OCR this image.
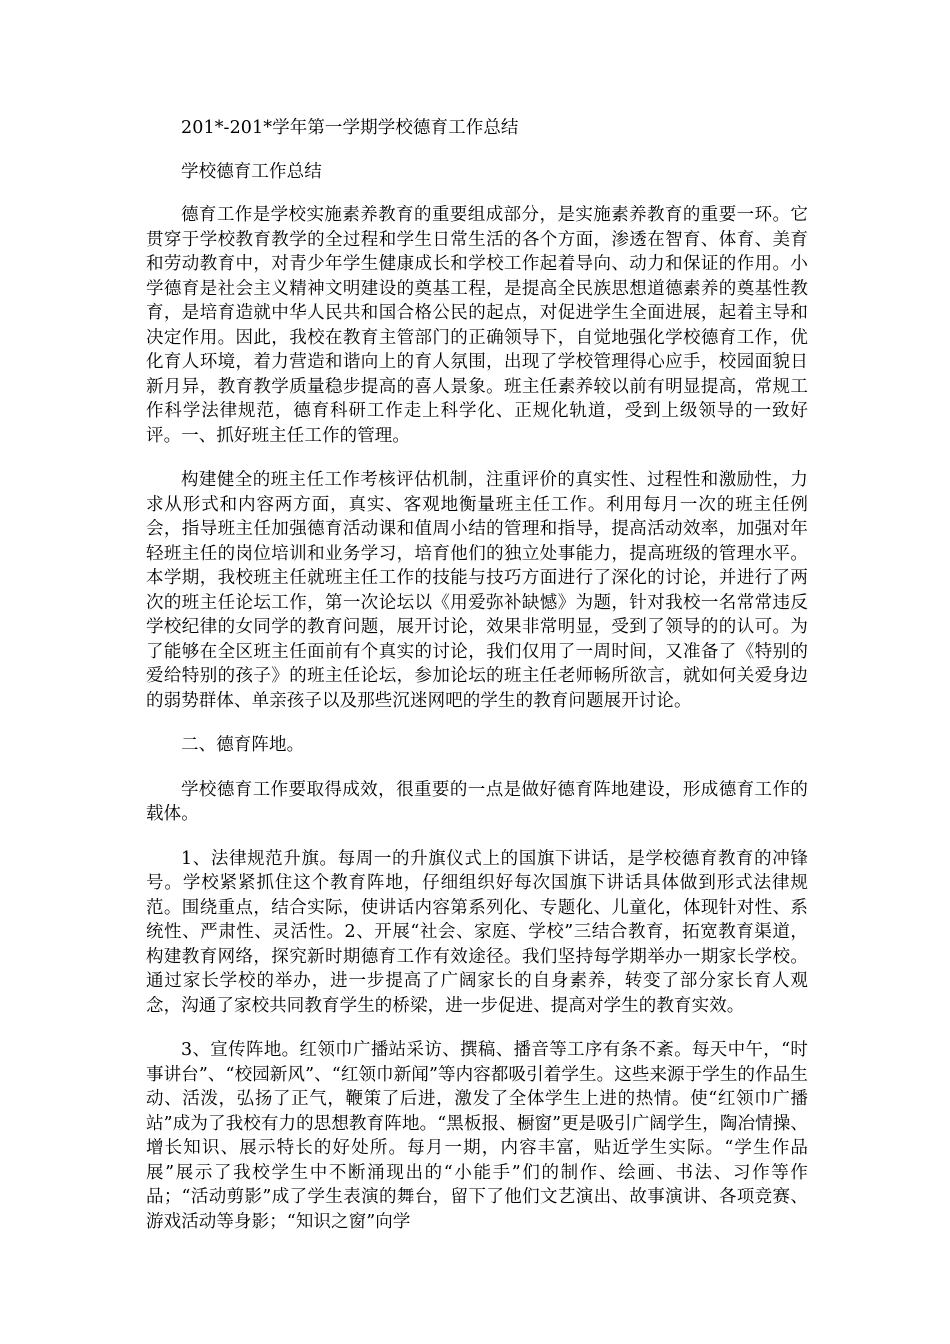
201*-201*学年第一学期学校德育工作总结

学校德育工作总结

德育工作是学校实施素养教育的重要组成部分，是实施素养教育的重要一环。它贯穿于学校教育教学的全过程和学生日常生活的各个方面，渗透在智育、体育、美育和劳动教育中，对青少年学生健康成长和学校工作起着导向、动力和保证的作用。小学德育是社会主义精神文明建设的奠基工程，是提高全民族思想道德素养的奠基性教育，是培育造就中华人民共和国合格公民的起点，对促进学生全面进展，起着主导和决定作用。因此，我校在教育主管部门的正确领导下，自觉地强化学校德育工作，优化育人环境，着力营造和谐向上的育人氛围，出现了学校管理得心应手，校园面貌日新月异，教育教学质量稳步提高的喜人景象。班主任素养较以前有明显提高，常规工作科学法律规范，德育科研工作走上科学化、正规化轨道，受到上级领导的一致好评。一、抓好班主任工作的管理。

构建健全的班主任工作考核评估机制，注重评价的真实性、过程性和激励性，力求从形式和内容两方面，真实、客观地衡量班主任工作。利用每月一次的班主任例会，指导班主任加强德育活动课和值周小结的管理和指导，提高活动效率，加强对年轻班主任的岗位培训和业务学习，培育他们的独立处事能力，提高班级的管理水平。本学期，我校班主任就班主任工作的技能与技巧方面进行了深化的讨论，并进行了两次的班主任论坛工作，第一次论坛以《用爱弥补缺憾》为题，针对我校一名常常违反学校纪律的女同学的教育问题，展开讨论，效果非常明显，受到了领导的的认可。为了能够在全区班主任面前有个真实的讨论，我们仅用了一周时间，又准备了《特别的爱给特别的孩子》的班主任论坛，参加论坛的班主任老师畅所欲言，就如何关爱身边的弱势群体、单亲孩子以及那些沉迷网吧的学生的教育问题展开讨论。

二、德育阵地。

学校德育工作要取得成效，很重要的一点是做好德育阵地建设，形成德育工作的载体。

1、法律规范升旗。每周一的升旗仪式上的国旗下讲话，是学校德育教育的冲锋号。学校紧紧抓住这个教育阵地，仔细组织好每次国旗下讲话具体做到形式法律规范。围绕重点，结合实际，使讲话内容第系列化、专题化、儿童化，体现针对性、系统性、严肃性、灵活性。2、开展“社会、家庭、学校”三结合教育，拓宽教育渠道，构建教育网络，探究新时期德育工作有效途径。我们坚持每学期举办一期家长学校。通过家长学校的举办，进一步提高了广阔家长的自身素养，转变了部分家长育人观念，沟通了家校共同教育学生的桥梁，进一步促进、提高对学生的教育实效。

3、宣传阵地。红领巾广播站采访、撰稿、播音等工序有条不紊。每天中午，“时事讲台”、“校园新风”、“红领巾新闻”等内容都吸引着学生。这些来源于学生的作品生动、活泼，弘扬了正气，鞭策了后进，激发了全体学生上进的热情。使“红领巾广播站”成为了我校有力的思想教育阵地。“黑板报、橱窗”更是吸引广阔学生，陶冶情操、增长知识、展示特长的好处所。每月一期，内容丰富，贴近学生实际。“学生作品展”展示了我校学生中不断涌现出的“小能手”们的制作、绘画、书法、习作等作品；“活动剪影”成了学生表演的舞台，留下了他们文艺演出、故事演讲、各项竞赛、游戏活动等身影；“知识之窗”向学
